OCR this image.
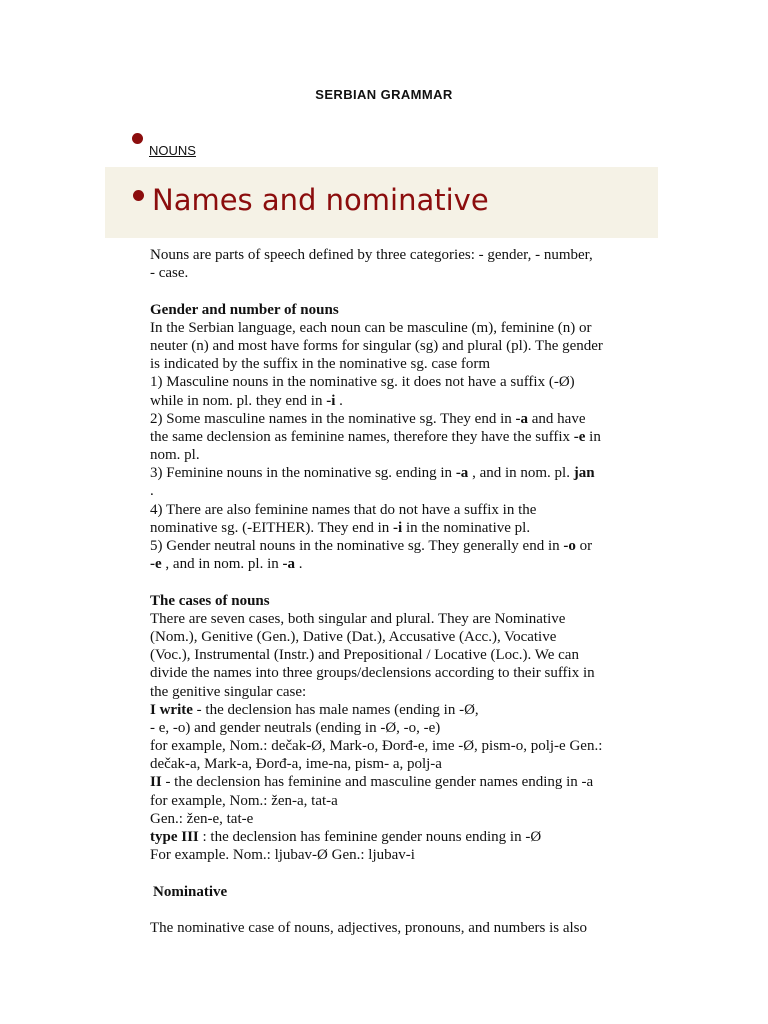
SERBIAN GRAMMAR
NOUNS
Names and nominative
Nouns are parts of speech defined by three categories: - gender, - number,
- case.
Gender and number of nouns
In the Serbian language, each noun can be masculine (m), feminine (n) or
neuter (n) and most have forms for singular (sg) and plural (pl). The gender
is indicated by the suffix in the nominative sg. case form
1) Masculine nouns in the nominative sg. it does not have a suffix (-Ø)
while in nom. pl. they end in -i .
2) Some masculine names in the nominative sg. They end in -a and have
the same declension as feminine names, therefore they have the suffix -e in
nom. pl.
3) Feminine nouns in the nominative sg. ending in -a , and in nom. pl. jan
.
4) There are also feminine names that do not have a suffix in the
nominative sg. (-EITHER). They end in -i in the nominative pl.
5) Gender neutral nouns in the nominative sg. They generally end in -o or
-e , and in nom. pl. in -a .
The cases of nouns
There are seven cases, both singular and plural. They are Nominative
(Nom.), Genitive (Gen.), Dative (Dat.), Accusative (Acc.), Vocative
(Voc.), Instrumental (Instr.) and Prepositional / Locative (Loc.). We can
divide the names into three groups/declensions according to their suffix in
the genitive singular case:
I write - the declension has male names (ending in -Ø,
- e, -o) and gender neutrals (ending in -Ø, -o, -e)
for example, Nom.: dečak-Ø, Mark-o, Đorđ-e, ime -Ø, pism-o, polj-e Gen.:
dečak-a, Mark-a, Đorđ-a, ime-na, pism- a, polj-a
II - the declension has feminine and masculine gender names ending in -a
for example, Nom.: žen-a, tat-a
Gen.: žen-e, tat-e
type III : the declension has feminine gender nouns ending in -Ø
For example. Nom.: ljubav-Ø Gen.: ljubav-i
Nominative
The nominative case of nouns, adjectives, pronouns, and numbers is also
